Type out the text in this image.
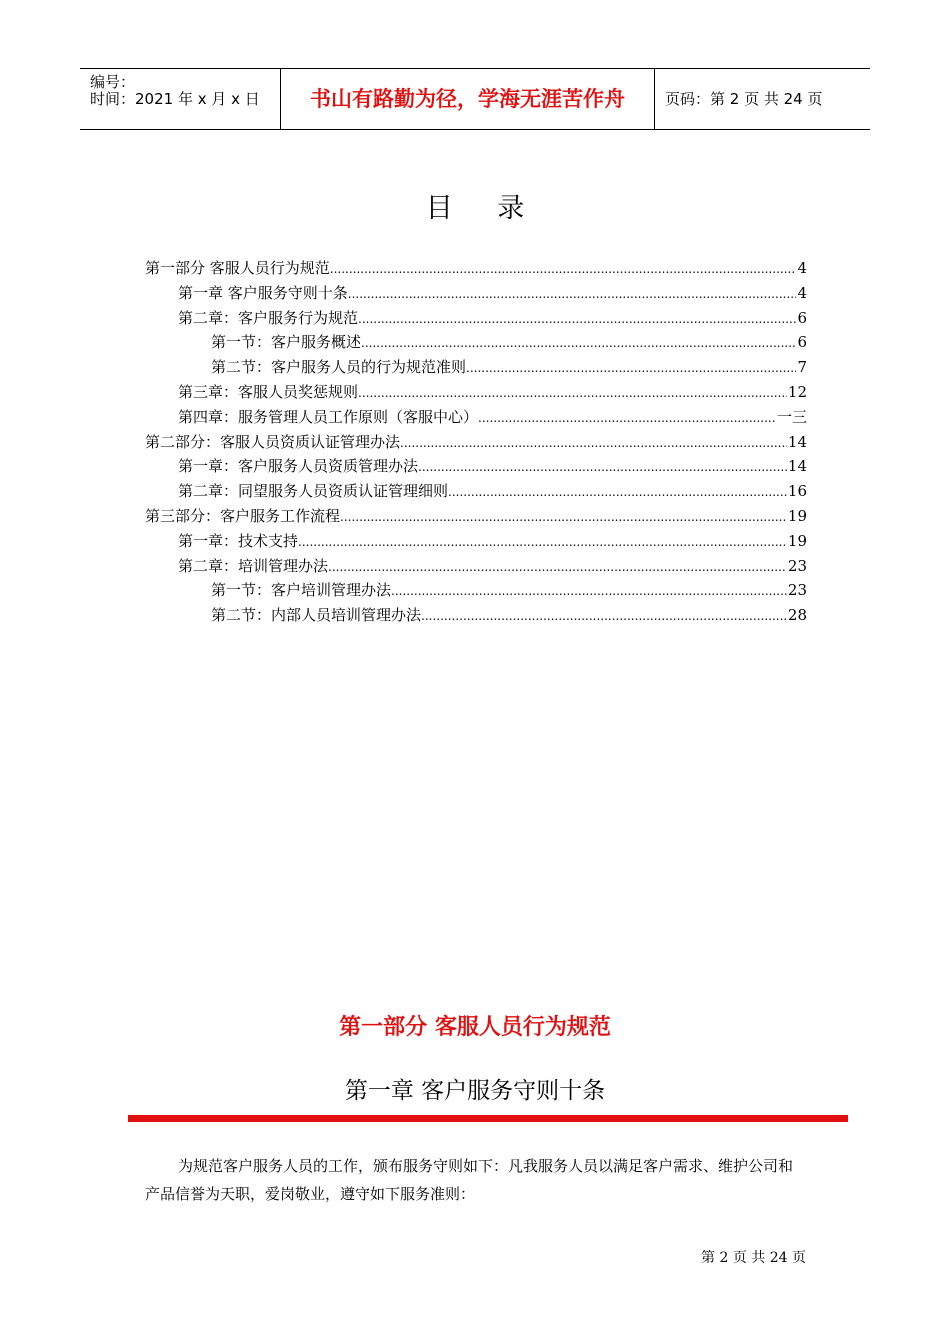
编号：
时间：2021 年 x 月 x 日	书山有路勤为径，学海无涯苦作舟	页码：第 2 页 共 24 页
目 录
第一部分 客服人员行为规范 .....	4
第一章 客户服务守则十条 .....	4
第二章：客户服务行为规范 .....	6
第一节：客户服务概述 .....	6
第二节：客户服务人员的行为规范准则 .....	7
第三章：客服人员奖惩规则 .....	12
第四章：服务管理人员工作原则（客服中心） .....	一三
第二部分：客服人员资质认证管理办法 .....	14
第一章：客户服务人员资质管理办法 .....	14
第二章：同望服务人员资质认证管理细则 .....	16
第三部分：客户服务工作流程 .....	19
第一章：技术支持 .....	19
第二章：培训管理办法 .....	23
第一节：客户培训管理办法 .....	23
第二节：内部人员培训管理办法 .....	28
第一部分 客服人员行为规范
第一章 客户服务守则十条
为规范客户服务人员的工作，颁布服务守则如下：凡我服务人员以满足客户需求、维护公司和产品信誉为天职，爱岗敬业，遵守如下服务准则：
第 2 页 共 24 页
